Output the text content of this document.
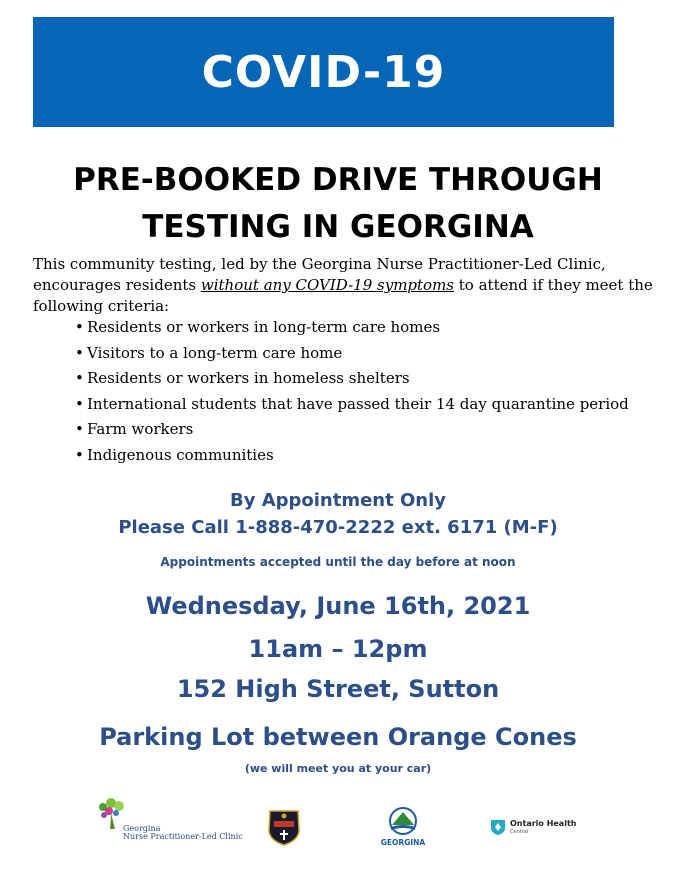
COVID-19
PRE-BOOKED DRIVE THROUGH
TESTING IN GEORGINA
This community testing, led by the Georgina Nurse Practitioner-Led Clinic, encourages residents without any COVID-19 symptoms to attend if they meet the following criteria:
• Residents or workers in long-term care homes
• Visitors to a long-term care home
• Residents or workers in homeless shelters
• International students that have passed their 14 day quarantine period
• Farm workers
• Indigenous communities
By Appointment Only
Please Call 1-888-470-2222 ext. 6171 (M-F)
Appointments accepted until the day before at noon
Wednesday, June 16th, 2021
11am – 12pm
152 High Street, Sutton
Parking Lot between Orange Cones
(we will meet you at your car)
Georgina
Nurse Practitioner-Led Clinic
GEORGINA
Ontario Health
Central
